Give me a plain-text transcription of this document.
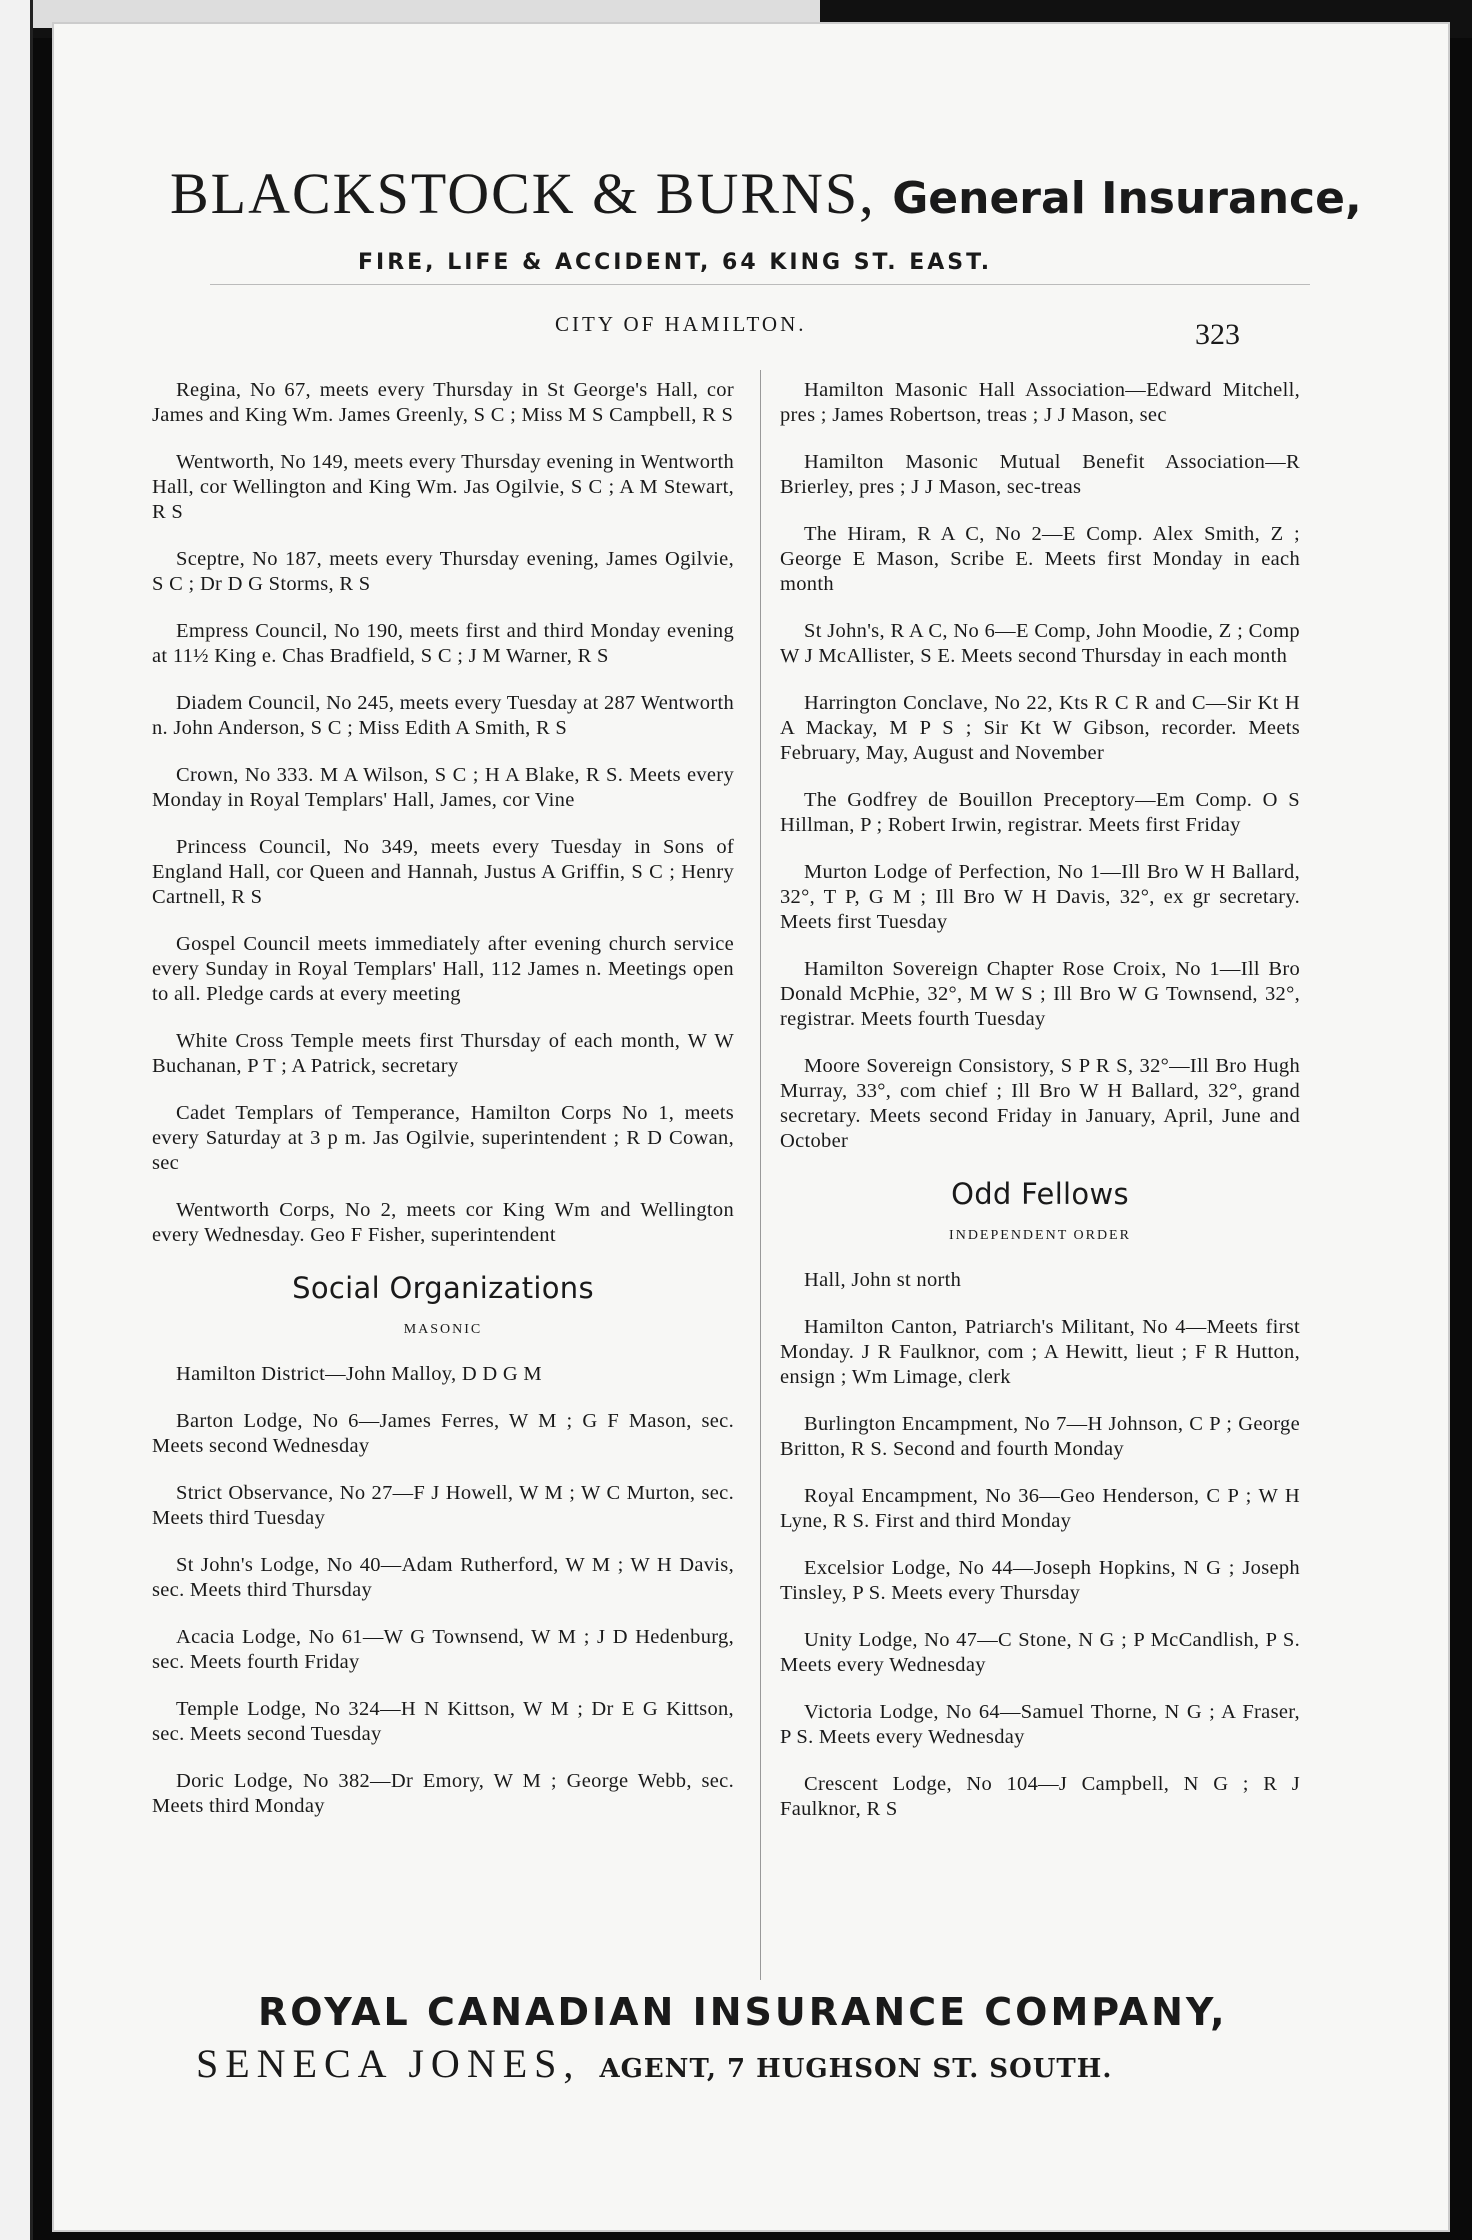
BLACKSTOCK & BURNS, General Insurance,
FIRE, LIFE & ACCIDENT, 64 KING ST. EAST.
CITY OF HAMILTON.	323
Regina, No 67, meets every Thursday in St George's Hall, cor James and King Wm. James Greenly, S C ; Miss M S Campbell, R S
Wentworth, No 149, meets every Thursday evening in Wentworth Hall, cor Wellington and King Wm. Jas Ogilvie, S C ; A M Stewart, R S
Sceptre, No 187, meets every Thursday evening, James Ogilvie, S C ; Dr D G Storms, R S
Empress Council, No 190, meets first and third Monday evening at 11½ King e. Chas Bradfield, S C ; J M Warner, R S
Diadem Council, No 245, meets every Tuesday at 287 Wentworth n. John Anderson, S C ; Miss Edith A Smith, R S
Crown, No 333. M A Wilson, S C ; H A Blake, R S. Meets every Monday in Royal Templars' Hall, James, cor Vine
Princess Council, No 349, meets every Tuesday in Sons of England Hall, cor Queen and Hannah, Justus A Griffin, S C ; Henry Cartnell, R S
Gospel Council meets immediately after evening church service every Sunday in Royal Templars' Hall, 112 James n. Meetings open to all. Pledge cards at every meeting
White Cross Temple meets first Thursday of each month, W W Buchanan, P T ; A Patrick, secretary
Cadet Templars of Temperance, Hamilton Corps No 1, meets every Saturday at 3 p m. Jas Ogilvie, superintendent ; R D Cowan, sec
Wentworth Corps, No 2, meets cor King Wm and Wellington every Wednesday. Geo F Fisher, superintendent
Social Organizations
MASONIC
Hamilton District—John Malloy, D D G M
Barton Lodge, No 6—James Ferres, W M ; G F Mason, sec. Meets second Wednesday
Strict Observance, No 27—F J Howell, W M ; W C Murton, sec. Meets third Tuesday
St John's Lodge, No 40—Adam Rutherford, W M ; W H Davis, sec. Meets third Thursday
Acacia Lodge, No 61—W G Townsend, W M ; J D Hedenburg, sec. Meets fourth Friday
Temple Lodge, No 324—H N Kittson, W M ; Dr E G Kittson, sec. Meets second Tuesday
Doric Lodge, No 382—Dr Emory, W M ; George Webb, sec. Meets third Monday
Hamilton Masonic Hall Association—Edward Mitchell, pres ; James Robertson, treas ; J J Mason, sec
Hamilton Masonic Mutual Benefit Association—R Brierley, pres ; J J Mason, sec-treas
The Hiram, R A C, No 2—E Comp. Alex Smith, Z ; George E Mason, Scribe E. Meets first Monday in each month
St John's, R A C, No 6—E Comp, John Moodie, Z ; Comp W J McAllister, S E. Meets second Thursday in each month
Harrington Conclave, No 22, Kts R C R and C—Sir Kt H A Mackay, M P S ; Sir Kt W Gibson, recorder. Meets February, May, August and November
The Godfrey de Bouillon Preceptory—Em Comp. O S Hillman, P ; Robert Irwin, registrar. Meets first Friday
Murton Lodge of Perfection, No 1—Ill Bro W H Ballard, 32°, T P, G M ; Ill Bro W H Davis, 32°, ex gr secretary. Meets first Tuesday
Hamilton Sovereign Chapter Rose Croix, No 1—Ill Bro Donald McPhie, 32°, M W S ; Ill Bro W G Townsend, 32°, registrar. Meets fourth Tuesday
Moore Sovereign Consistory, S P R S, 32°—Ill Bro Hugh Murray, 33°, com chief ; Ill Bro W H Ballard, 32°, grand secretary. Meets second Friday in January, April, June and October
Odd Fellows
INDEPENDENT ORDER
Hall, John st north
Hamilton Canton, Patriarch's Militant, No 4—Meets first Monday. J R Faulknor, com ; A Hewitt, lieut ; F R Hutton, ensign ; Wm Limage, clerk
Burlington Encampment, No 7—H Johnson, C P ; George Britton, R S. Second and fourth Monday
Royal Encampment, No 36—Geo Henderson, C P ; W H Lyne, R S. First and third Monday
Excelsior Lodge, No 44—Joseph Hopkins, N G ; Joseph Tinsley, P S. Meets every Thursday
Unity Lodge, No 47—C Stone, N G ; P McCandlish, P S. Meets every Wednesday
Victoria Lodge, No 64—Samuel Thorne, N G ; A Fraser, P S. Meets every Wednesday
Crescent Lodge, No 104—J Campbell, N G ; R J Faulknor, R S
ROYAL CANADIAN INSURANCE COMPANY,
SENECA JONES, AGENT, 7 HUGHSON ST. SOUTH.
